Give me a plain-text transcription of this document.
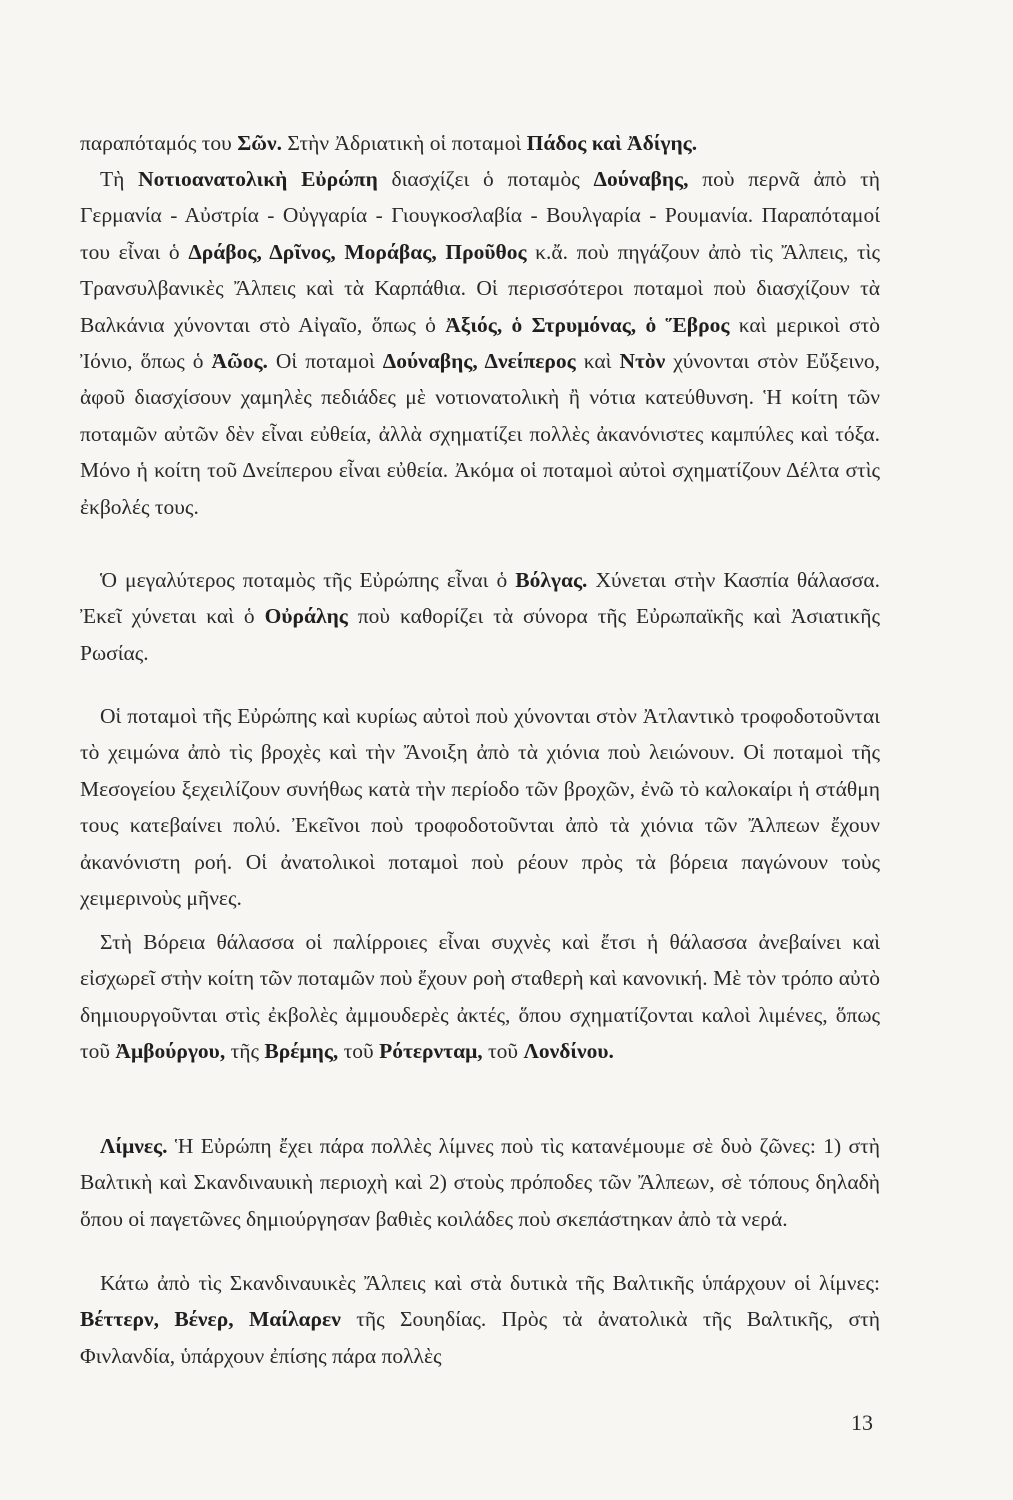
παραπόταμός του Σῶν. Στὴν Ἀδριατικὴ οἱ ποταμοὶ Πάδος καὶ Ἀδίγης.

Τὴ Νοτιοανατολικὴ Εὐρώπη διασχίζει ὁ ποταμὸς Δούναβης, ποὺ περνᾶ ἀπὸ τὴ Γερμανία - Αὐστρία - Οὐγγαρία - Γιουγκοσλαβία - Βουλγαρία - Ρουμανία. Παραπόταμοί του εἶναι ὁ Δράβος, Δρῖνος, Μοράβας, Προῦθος κ.ἄ. ποὺ πηγάζουν ἀπὸ τὶς Ἄλπεις, τὶς Τρανσυλβανικὲς Ἄλπεις καὶ τὰ Καρπάθια. Οἱ περισσότεροι ποταμοὶ ποὺ διασχίζουν τὰ Βαλκάνια χύνονται στὸ Αἰγαῖο, ὅπως ὁ Ἀξιός, ὁ Στρυμόνας, ὁ Ἕβρος καὶ μερικοὶ στὸ Ἰόνιο, ὅπως ὁ Ἀῶος. Οἱ ποταμοὶ Δούναβης, Δνείπερος καὶ Ντὸν χύνονται στὸν Εὔξεινο, ἀφοῦ διασχίσουν χαμηλὲς πεδιάδες μὲ νοτιονατολικὴ ἢ νότια κατεύθυνση. Ἡ κοίτη τῶν ποταμῶν αὐτῶν δὲν εἶναι εὐθεία, ἀλλὰ σχηματίζει πολλὲς ἀκανόνιστες καμπύλες καὶ τόξα. Μόνο ἡ κοίτη τοῦ Δνείπερου εἶναι εὐθεία. Ἀκόμα οἱ ποταμοὶ αὐτοὶ σχηματίζουν Δέλτα στὶς ἐκβολές τους.

Ὁ μεγαλύτερος ποταμὸς τῆς Εὐρώπης εἶναι ὁ Βόλγας. Χύνεται στὴν Κασπία θάλασσα. Ἐκεῖ χύνεται καὶ ὁ Οὐράλης ποὺ καθορίζει τὰ σύνορα τῆς Εὐρωπαϊκῆς καὶ Ἀσιατικῆς Ρωσίας.

Οἱ ποταμοὶ τῆς Εὐρώπης καὶ κυρίως αὐτοὶ ποὺ χύνονται στὸν Ἀτλαντικὸ τροφοδοτοῦνται τὸ χειμώνα ἀπὸ τὶς βροχὲς καὶ τὴν Ἄνοιξη ἀπὸ τὰ χιόνια ποὺ λειώνουν. Οἱ ποταμοὶ τῆς Μεσογείου ξεχειλίζουν συνήθως κατὰ τὴν περίοδο τῶν βροχῶν, ἐνῶ τὸ καλοκαίρι ἡ στάθμη τους κατεβαίνει πολύ. Ἐκεῖνοι ποὺ τροφοδοτοῦνται ἀπὸ τὰ χιόνια τῶν Ἄλπεων ἔχουν ἀκανόνιστη ροή. Οἱ ἀνατολικοὶ ποταμοὶ ποὺ ρέουν πρὸς τὰ βόρεια παγώνουν τοὺς χειμερινοὺς μῆνες.

Στὴ Βόρεια θάλασσα οἱ παλίρροιες εἶναι συχνὲς καὶ ἔτσι ἡ θάλασσα ἀνεβαίνει καὶ εἰσχωρεῖ στὴν κοίτη τῶν ποταμῶν ποὺ ἔχουν ροὴ σταθερὴ καὶ κανονική. Μὲ τὸν τρόπο αὐτὸ δημιουργοῦνται στὶς ἐκβολὲς ἀμμουδερὲς ἀκτές, ὅπου σχηματίζονται καλοὶ λιμένες, ὅπως τοῦ Ἀμβούργου, τῆς Βρέμης, τοῦ Ρότερνταμ, τοῦ Λονδίνου.

Λίμνες. Ἡ Εὐρώπη ἔχει πάρα πολλὲς λίμνες ποὺ τὶς κατανέμουμε σὲ δυὸ ζῶνες: 1) στὴ Βαλτικὴ καὶ Σκανδιναυικὴ περιοχὴ καὶ 2) στοὺς πρόποδες τῶν Ἄλπεων, σὲ τόπους δηλαδὴ ὅπου οἱ παγετῶνες δημιούργησαν βαθιὲς κοιλάδες ποὺ σκεπάστηκαν ἀπὸ τὰ νερά.

Κάτω ἀπὸ τὶς Σκανδιναυικὲς Ἄλπεις καὶ στὰ δυτικὰ τῆς Βαλτικῆς ὑπάρχουν οἱ λίμνες: Βέττερν, Βένερ, Μαίλαρεν τῆς Σουηδίας. Πρὸς τὰ ἀνατολικὰ τῆς Βαλτικῆς, στὴ Φινλανδία, ὑπάρχουν ἐπίσης πάρα πολλὲς

13
